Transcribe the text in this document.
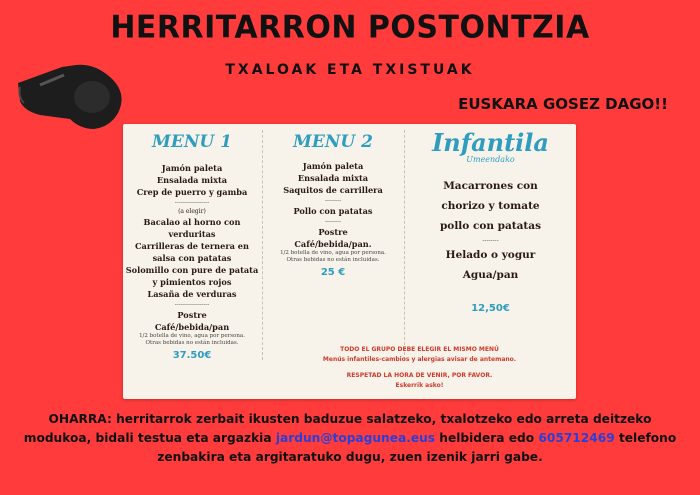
HERRITARRON POSTONTZIA
TXALOAK ETA TXISTUAK
EUSKARA GOSEZ DAGO!!
MENU 1
Jamón paleta
Ensalada mixta
Crep de puerro y gamba
-----------------
(a elegir)
Bacalao al horno con
verduritas
Carrilleras de ternera en
salsa con patatas
Solomillo con pure de patata
y pimientos rojos
Lasaña de verduras
-----------------
Postre
Café/bebida/pan
1/2 botella de vino, agua por persona.
Otras bebidas no están incluidas.
37.50€
MENU 2
Jamón paleta
Ensalada mixta
Saquitos de carrillera
--------
Pollo con patatas
--------
Postre
Café/bebida/pan.
1/2 botella de vino, agua por persona.
Otras bebidas no están incluidas.
25 €
Infantila
Umeendako
Macarrones con
chorizo y tomate
pollo con patatas
--------
Helado o yogur
Agua/pan
12,50€

TODO EL GRUPO DEBE ELEGIR EL MISMO MENÚ

Menús infantiles-cambios y alergias avisar de antemano.

RESPETAD LA HORA DE VENIR, POR FAVOR.

Eskerrik asko!

OHARRA: herritarrok zerbait ikusten baduzue salatzeko, txalotzeko edo arreta deitzeko modukoa, bidali testua eta argazkia jardun@topagunea.eus helbidera edo 605712469 telefono zenbakira eta argitaratuko dugu, zuen izenik jarri gabe.
